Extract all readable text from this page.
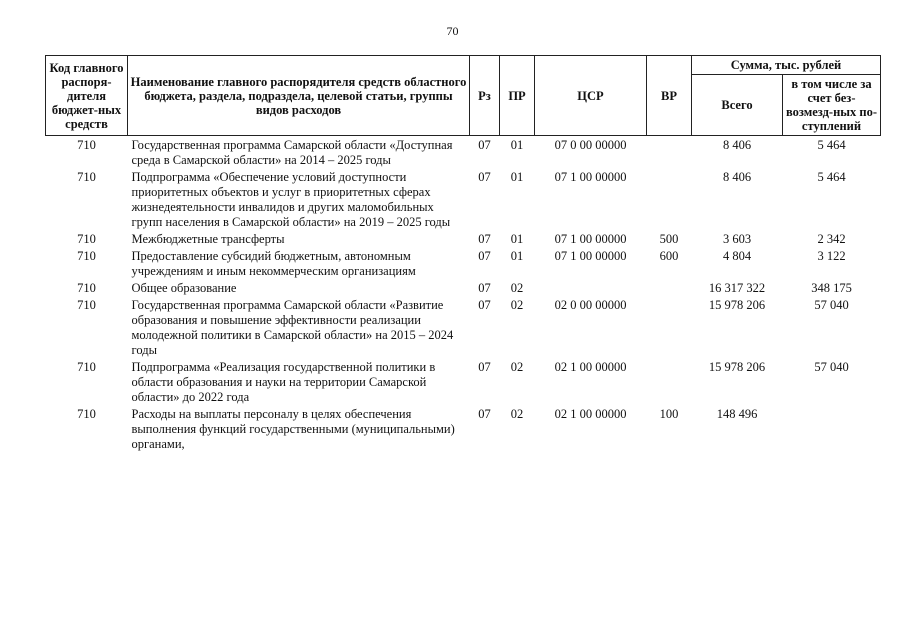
70
Код главного распоря-дителя бюджет-ных средств	Наименование главного распорядителя средств областного бюджета, раздела, подраздела, целевой статьи, группы видов расходов	Рз	ПР	ЦСР	ВР	Сумма, тыс. рублей	
						Всего	в том числе за счет без-возмезд-ных по-ступлений
710	Государственная программа Самарской области «Доступная среда в Самарской области» на 2014 – 2025 годы	07	01	07 0 00 00000		8 406	5 464
710	Подпрограмма «Обеспечение условий доступности приоритетных объектов и услуг в приоритетных сферах жизнедеятельности инвалидов и других маломобильных групп населения в Самарской области» на 2019 – 2025 годы	07	01	07 1 00 00000		8 406	5 464
710	Межбюджетные трансферты	07	01	07 1 00 00000	500	3 603	2 342
710	Предоставление субсидий бюджетным, автономным учреждениям и иным некоммерческим организациям	07	01	07 1 00 00000	600	4 804	3 122
710	Общее образование	07	02			16 317 322	348 175
710	Государственная программа Самарской области «Развитие образования и повышение эффективности реализации молодежной политики в Самарской области» на 2015 – 2024 годы	07	02	02 0 00 00000		15 978 206	57 040
710	Подпрограмма «Реализация государственной политики в области образования и науки на территории Самарской области» до 2022 года	07	02	02 1 00 00000		15 978 206	57 040
710	Расходы на выплаты персоналу в целях обеспечения выполнения функций государственными (муниципальными) органами,	07	02	02 1 00 00000	100	148 496	
